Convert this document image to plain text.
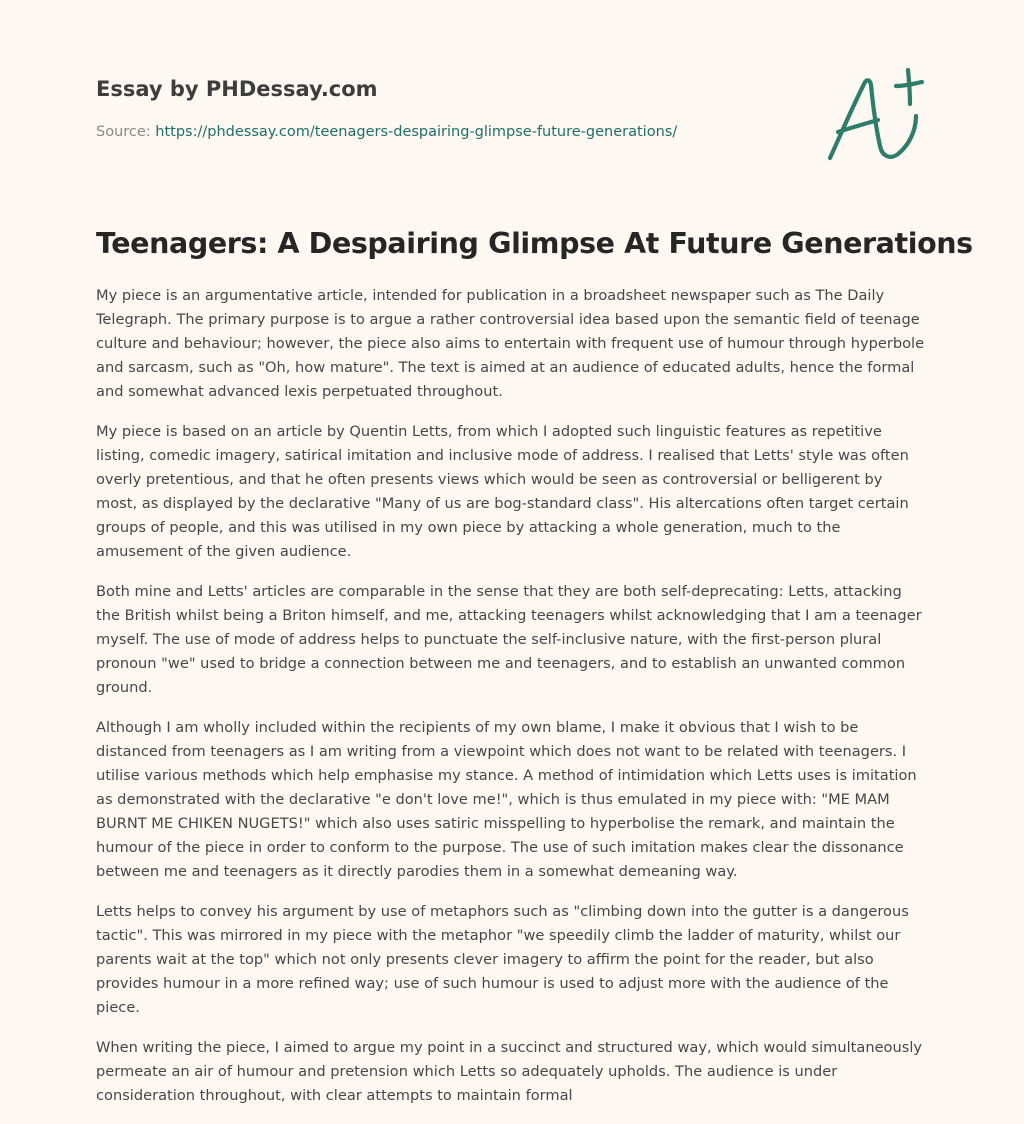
Essay by PHDessay.com
Source: https://phdessay.com/teenagers-despairing-glimpse-future-generations/
Teenagers: A Despairing Glimpse At Future Generations

My piece is an argumentative article, intended for publication in a broadsheet newspaper such as The Daily Telegraph. The primary purpose is to argue a rather controversial idea based upon the semantic field of teenage culture and behaviour; however, the piece also aims to entertain with frequent use of humour through hyperbole and sarcasm, such as "Oh, how mature". The text is aimed at an audience of educated adults, hence the formal and somewhat advanced lexis perpetuated throughout.

My piece is based on an article by Quentin Letts, from which I adopted such linguistic features as repetitive listing, comedic imagery, satirical imitation and inclusive mode of address. I realised that Letts' style was often overly pretentious, and that he often presents views which would be seen as controversial or belligerent by most, as displayed by the declarative "Many of us are bog-standard class". His altercations often target certain groups of people, and this was utilised in my own piece by attacking a whole generation, much to the amusement of the given audience.

Both mine and Letts' articles are comparable in the sense that they are both self-deprecating: Letts, attacking the British whilst being a Briton himself, and me, attacking teenagers whilst acknowledging that I am a teenager myself. The use of mode of address helps to punctuate the self-inclusive nature, with the first-person plural pronoun "we" used to bridge a connection between me and teenagers, and to establish an unwanted common ground.

Although I am wholly included within the recipients of my own blame, I make it obvious that I wish to be distanced from teenagers as I am writing from a viewpoint which does not want to be related with teenagers. I utilise various methods which help emphasise my stance. A method of intimidation which Letts uses is imitation as demonstrated with the declarative "e don't love me!", which is thus emulated in my piece with: "ME MAM BURNT ME CHIKEN NUGETS!" which also uses satiric misspelling to hyperbolise the remark, and maintain the humour of the piece in order to conform to the purpose. The use of such imitation makes clear the dissonance between me and teenagers as it directly parodies them in a somewhat demeaning way.

Letts helps to convey his argument by use of metaphors such as "climbing down into the gutter is a dangerous tactic". This was mirrored in my piece with the metaphor "we speedily climb the ladder of maturity, whilst our parents wait at the top" which not only presents clever imagery to affirm the point for the reader, but also provides humour in a more refined way; use of such humour is used to adjust more with the audience of the piece.

When writing the piece, I aimed to argue my point in a succinct and structured way, which would simultaneously permeate an air of humour and pretension which Letts so adequately upholds. The audience is under consideration throughout, with clear attempts to maintain formal
